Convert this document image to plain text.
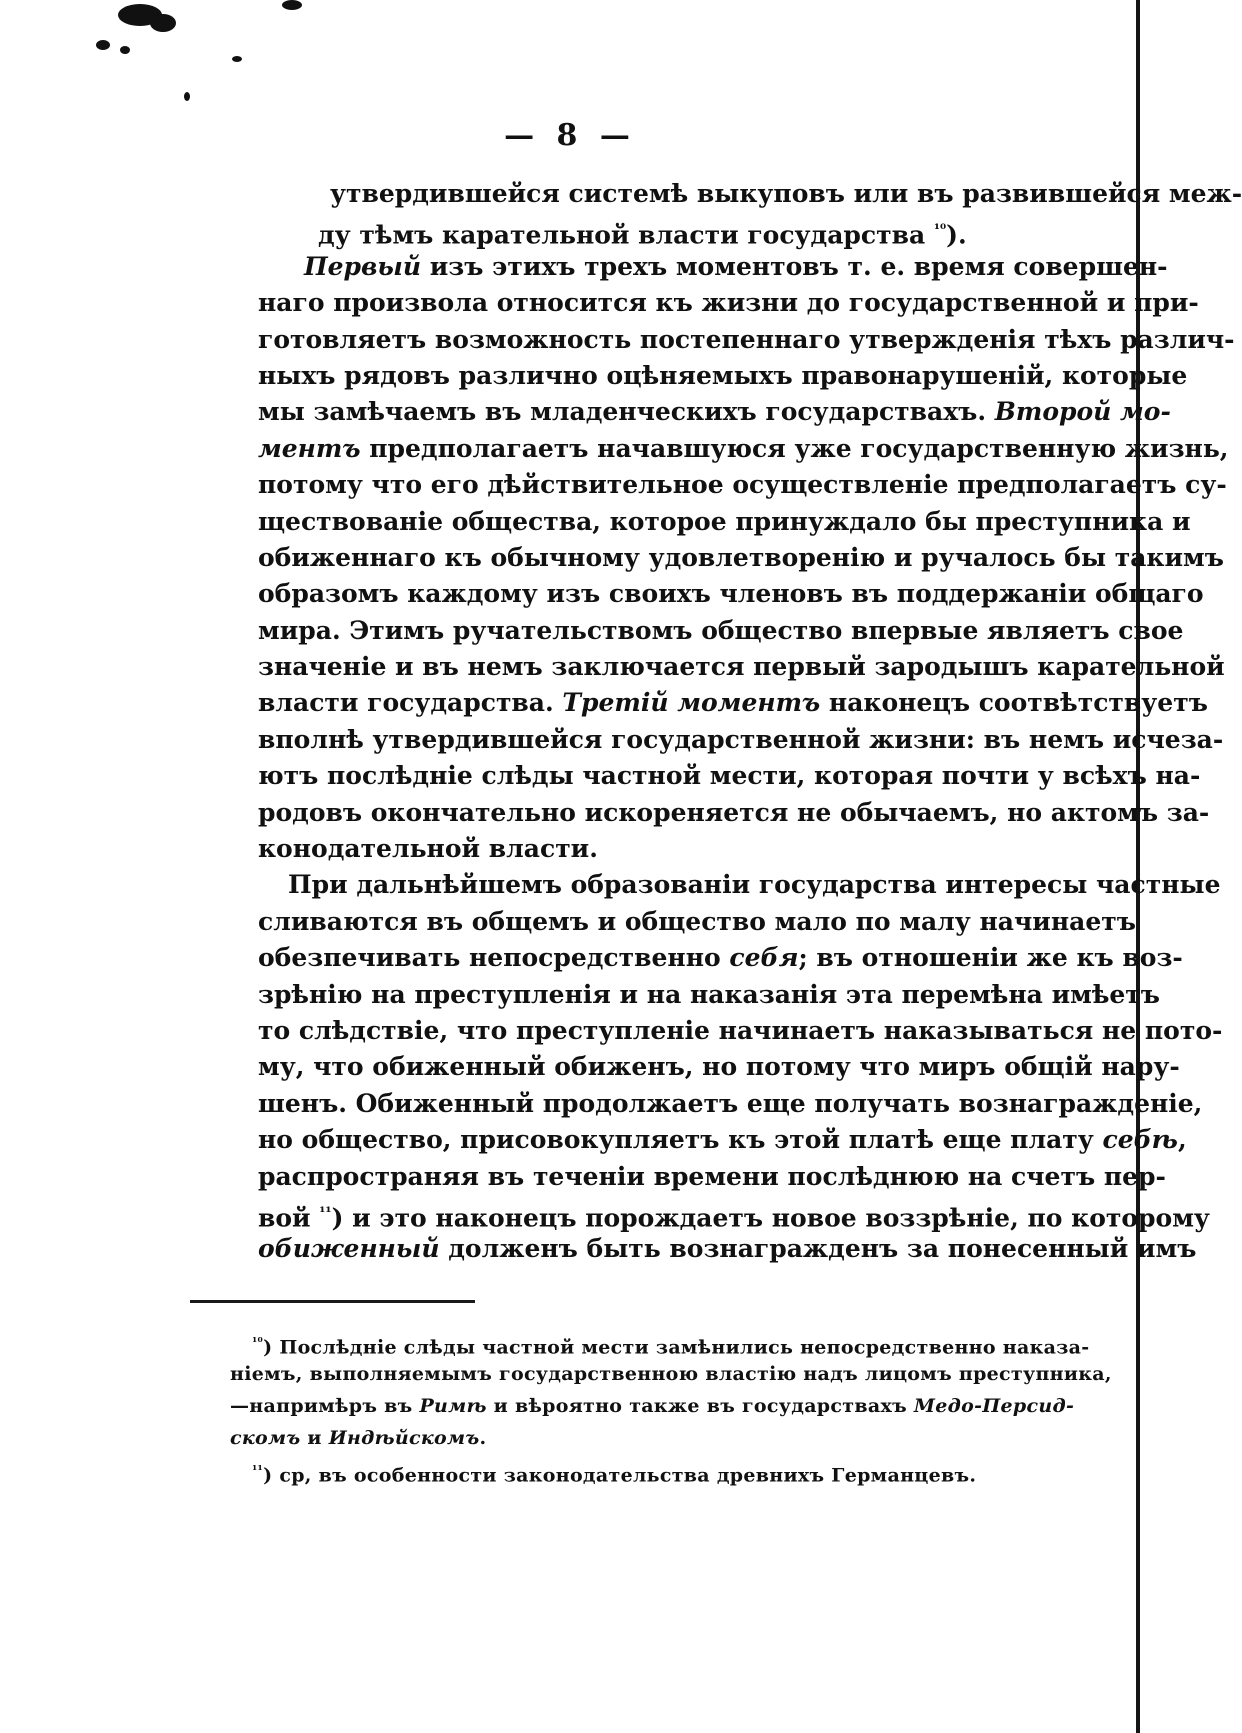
— 8 —
утвердившейся системѣ выкуповъ или въ развившейся меж-
ду тѣмъ карательной власти государства $^{^{10}}$).
Первый изъ этихъ трехъ моментовъ т. е. время совершен-
наго произвола относится къ жизни до государственной и при-
готовляетъ возможность постепеннаго утвержденія тѣхъ различ-
ныхъ рядовъ различно оцѣняемыхъ правонарушеній, которые
мы замѣчаемъ въ младенческихъ государствахъ. Второй мо-
ментъ предполагаетъ начавшуюся уже государственную жизнь,
потому что его дѣйствительное осуществленіе предполагаетъ су-
ществованіе общества, которое принуждало бы преступника и
обиженнаго къ обычному удовлетворенію и ручалось бы такимъ
образомъ каждому изъ своихъ членовъ въ поддержаніи общаго
мира. Этимъ ручательствомъ общество впервые являетъ свое
значеніе и въ немъ заключается первый зародышъ карательной
власти государства. Третій моментъ наконецъ соотвѣтствуетъ
вполнѣ утвердившейся государственной жизни: въ немъ исчеза-
ютъ послѣдніе слѣды частной мести, которая почти у всѣхъ на-
родовъ окончательно искореняется не обычаемъ, но актомъ за-
конодательной власти.
При дальнѣйшемъ образованіи государства интересы частные
сливаются въ общемъ и общество мало по малу начинаетъ
обезпечивать непосредственно себя; въ отношеніи же къ воз-
зрѣнію на преступленія и на наказанія эта перемѣна имѣетъ
то слѣдствіе, что преступленіе начинаетъ наказываться не пото-
му, что обиженный обиженъ, но потому что миръ общій нару-
шенъ. Обиженный продолжаетъ еще получать вознагражденіе,
но общество, присовокупляетъ къ этой платѣ еще плату себѣ,
распространяя въ теченіи времени послѣднюю на счетъ пер-
вой $^{^{11}}$) и это наконецъ порождаетъ новое воззрѣніе, по которому
обиженный долженъ быть вознагражденъ за понесенный имъ
$^{^{10}}$) Послѣдніе слѣды частной мести замѣнились непосредственно наказа-
ніемъ, выполняемымъ государственною властію надъ лицомъ преступника,
—напримѣръ въ Римѣ и вѣроятно также въ государствахъ Медо-Персид-
скомъ и Индѣйскомъ.
$^{^{11}}$) ср, въ особенности законодательства древнихъ Германцевъ.
